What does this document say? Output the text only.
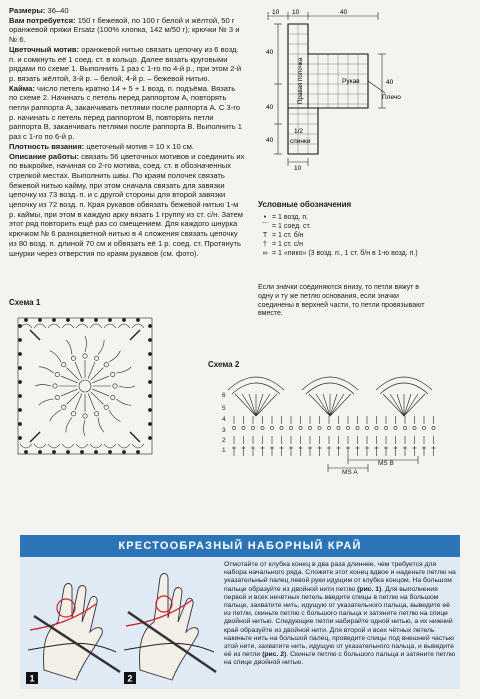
Размеры: 36–40

Вам потребуется: 150 г бежевой, по 100 г белой и жёлтой, 50 г оранжевой пряжи Ersatz (100% хлопка, 142 м/50 г); крючки № 3 и № 6.

Цветочный мотив: оранжевой нитью связать цепочку из 6 возд. п. и сомкнуть её 1 соед. ст. в кольцо. Далее вязать круговыми рядами по схеме 1. Выполнить 1 раз с 1-го по 4-й р., при этом 2-й р. вязать жёлтой, 3-й р. – белой, 4-й р. – бежевой нитью.

Кайма: число петель кратно 14 + 5 + 1 возд. п. подъёма. Вязать по схеме 2. Начинать с петель перед раппортом А, повторять петли раппорта А, заканчивать петлями после раппорта А. С 3-го р. начинать с петель перед раппортом В, повторять петли раппорта В, заканчивать петлями после раппорта В. Выполнить 1 раз с 1-го по 6-й р.

Плотность вязания: цветочный мотив = 10 х 10 см.

Описание работы: связать 56 цветочных мотивов и соединить их по выкройке, начиная со 2-го мотива, соед. ст. в обозначенных стрелкой местах. Выполнить швы. По краям полочек связать бежевой нитью кайму, при этом сначала связать для завязки цепочку из 73 возд. п. и с другой стороны для второй завязки цепочку из 72 возд. п. Края рукавов обвязать бежевой нитью 1-м р. каймы, при этом в каждую арку вязать 1 группу из ст. с/н. Затем этот ряд повторить ещё раз со смещением. Для каждого шнурка крючком № 6 разноцветной нитью в 4 сложения связать цепочку из 80 возд. п. длиной 70 см и обвязать её 1 р. соед. ст. Протянуть шнурки через отверстия по краям рукавов (см. фото).

10 10	40
40
40
40
40
10
Правая полочка	Рукав
Плечо
1/2
спинки
Условные обозначения
• = 1 возд. п.
⌒ = 1 соед. ст.
T = 1 ст. б/н
† = 1 ст. с/н
∞ = 1 «пико» (3 возд. п., 1 ст. б/н в 1-ю возд. п.)
Если значки соединяются внизу, то петли вяжут в одну и ту же петлю основания, если значки соединены в верхней части, то петли провязывают вместе.
Схема 1
Схема 2
6
5
4
3
2
1
MS A
MS B
КРЕСТООБРАЗНЫЙ НАБОРНЫЙ КРАЙ
1	2
Отмотайте от клубка конец в два раза длиннее, чем требуется для набора начального ряда. Сложите этот конец вдвое и наденьте петлю на указательный палец левой руки идущим от клубка концом. На большом пальце образуйте из двойной нити петлю (рис. 1). Для выполнения первой и всех нечётных петель введите спицы в петлю на большом пальце, захватите нить, идущую от указательного пальца, выведите её из петли, скиньте петлю с большого пальца и затяните петлю на спице двойной нитью. Следующие петли набирайте одной нитью, а их нижний край образуйте из двойной нити. Для второй и всех чётных петель накиньте нить на большой палец, проведите спицы под внешней частью этой нити, захватите нить, идущую от указательного пальца, и выведите её из петли (рис. 2). Скиньте петлю с большого пальца и затяните петлю на спице двойной нитью.
